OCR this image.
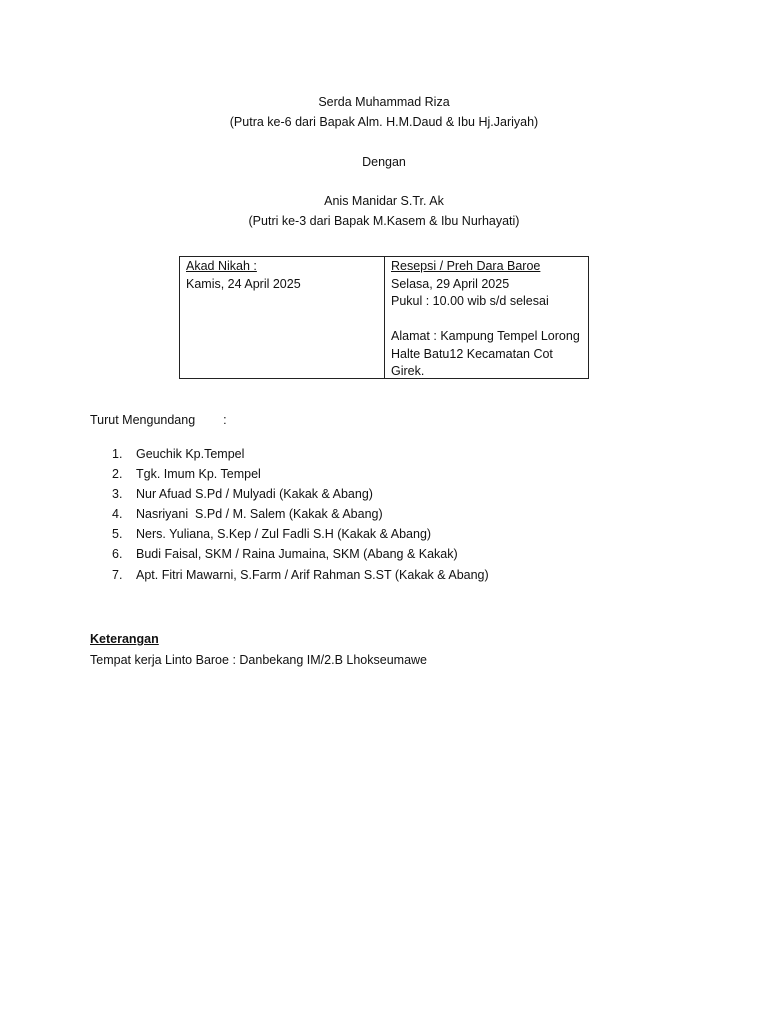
Serda Muhammad Riza
(Putra ke-6 dari Bapak Alm. H.M.Daud & Ibu Hj.Jariyah)
Dengan
Anis Manidar S.Tr. Ak
(Putri ke-3 dari Bapak M.Kasem & Ibu Nurhayati)
Akad Nikah :
Kamis, 24 April 2025
Resepsi / Preh Dara Baroe
Selasa, 29 April 2025
Pukul : 10.00 wib s/d selesai
Alamat : Kampung Tempel Lorong
Halte Batu12 Kecamatan Cot
Girek.
Turut Mengundang :
1. Geuchik Kp.Tempel
2. Tgk. Imum Kp. Tempel
3. Nur Afuad S.Pd / Mulyadi (Kakak & Abang)
4. Nasriyani  S.Pd / M. Salem (Kakak & Abang)
5. Ners. Yuliana, S.Kep / Zul Fadli S.H (Kakak & Abang)
6. Budi Faisal, SKM / Raina Jumaina, SKM (Abang & Kakak)
7. Apt. Fitri Mawarni, S.Farm / Arif Rahman S.ST (Kakak & Abang)
Keterangan
Tempat kerja Linto Baroe : Danbekang IM/2.B Lhokseumawe
